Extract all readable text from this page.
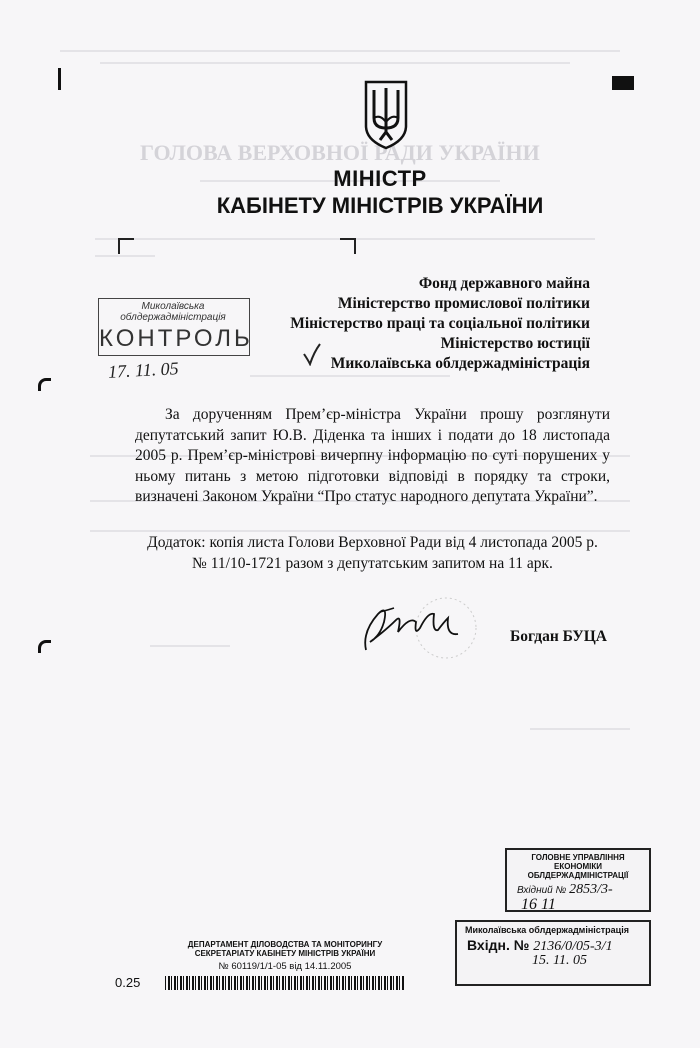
ГОЛОВА ВЕРХОВНОЇ РАДИ УКРАЇНИ
МІНІСТР
КАБІНЕТУ МІНІСТРІВ УКРАЇНИ
Фонд державного майна
Міністерство промислової політики
Міністерство праці та соціальної політики
Міністерство юстиції
Миколаївська облдержадміністрація
Миколаївська
облдержадміністрація
КОНТРОЛЬ
17. 11. 05
За дорученням Прем’єр-міністра України прошу розглянути депутатський запит Ю.В. Діденка та інших і подати до 18 листопада 2005 р. Прем’єр-міністрові вичерпну інформацію по суті порушених у ньому питань з метою підготовки відповіді в порядку та строки, визначені Законом України “Про статус народного депутата України”.
Додаток: копія листа Голови Верховної Ради від 4 листопада 2005 р.
№ 11/10-1721 разом з депутатським запитом на 11 арк.
Богдан БУЦА
ГОЛОВНЕ УПРАВЛІННЯ ЕКОНОМІКИ ОБЛДЕРЖАДМІНІСТРАЦІЇ
Вхідний № 2853/3-
16 11
Миколаївська облдержадміністрація
Вхідн. № 2136/0/05-3/1
15. 11. 05
ДЕПАРТАМЕНТ ДІЛОВОДСТВА ТА МОНІТОРИНГУ
СЕКРЕТАРІАТУ КАБІНЕТУ МІНІСТРІВ УКРАЇНИ
№ 60119/1/1-05 від 14.11.2005
0.25
